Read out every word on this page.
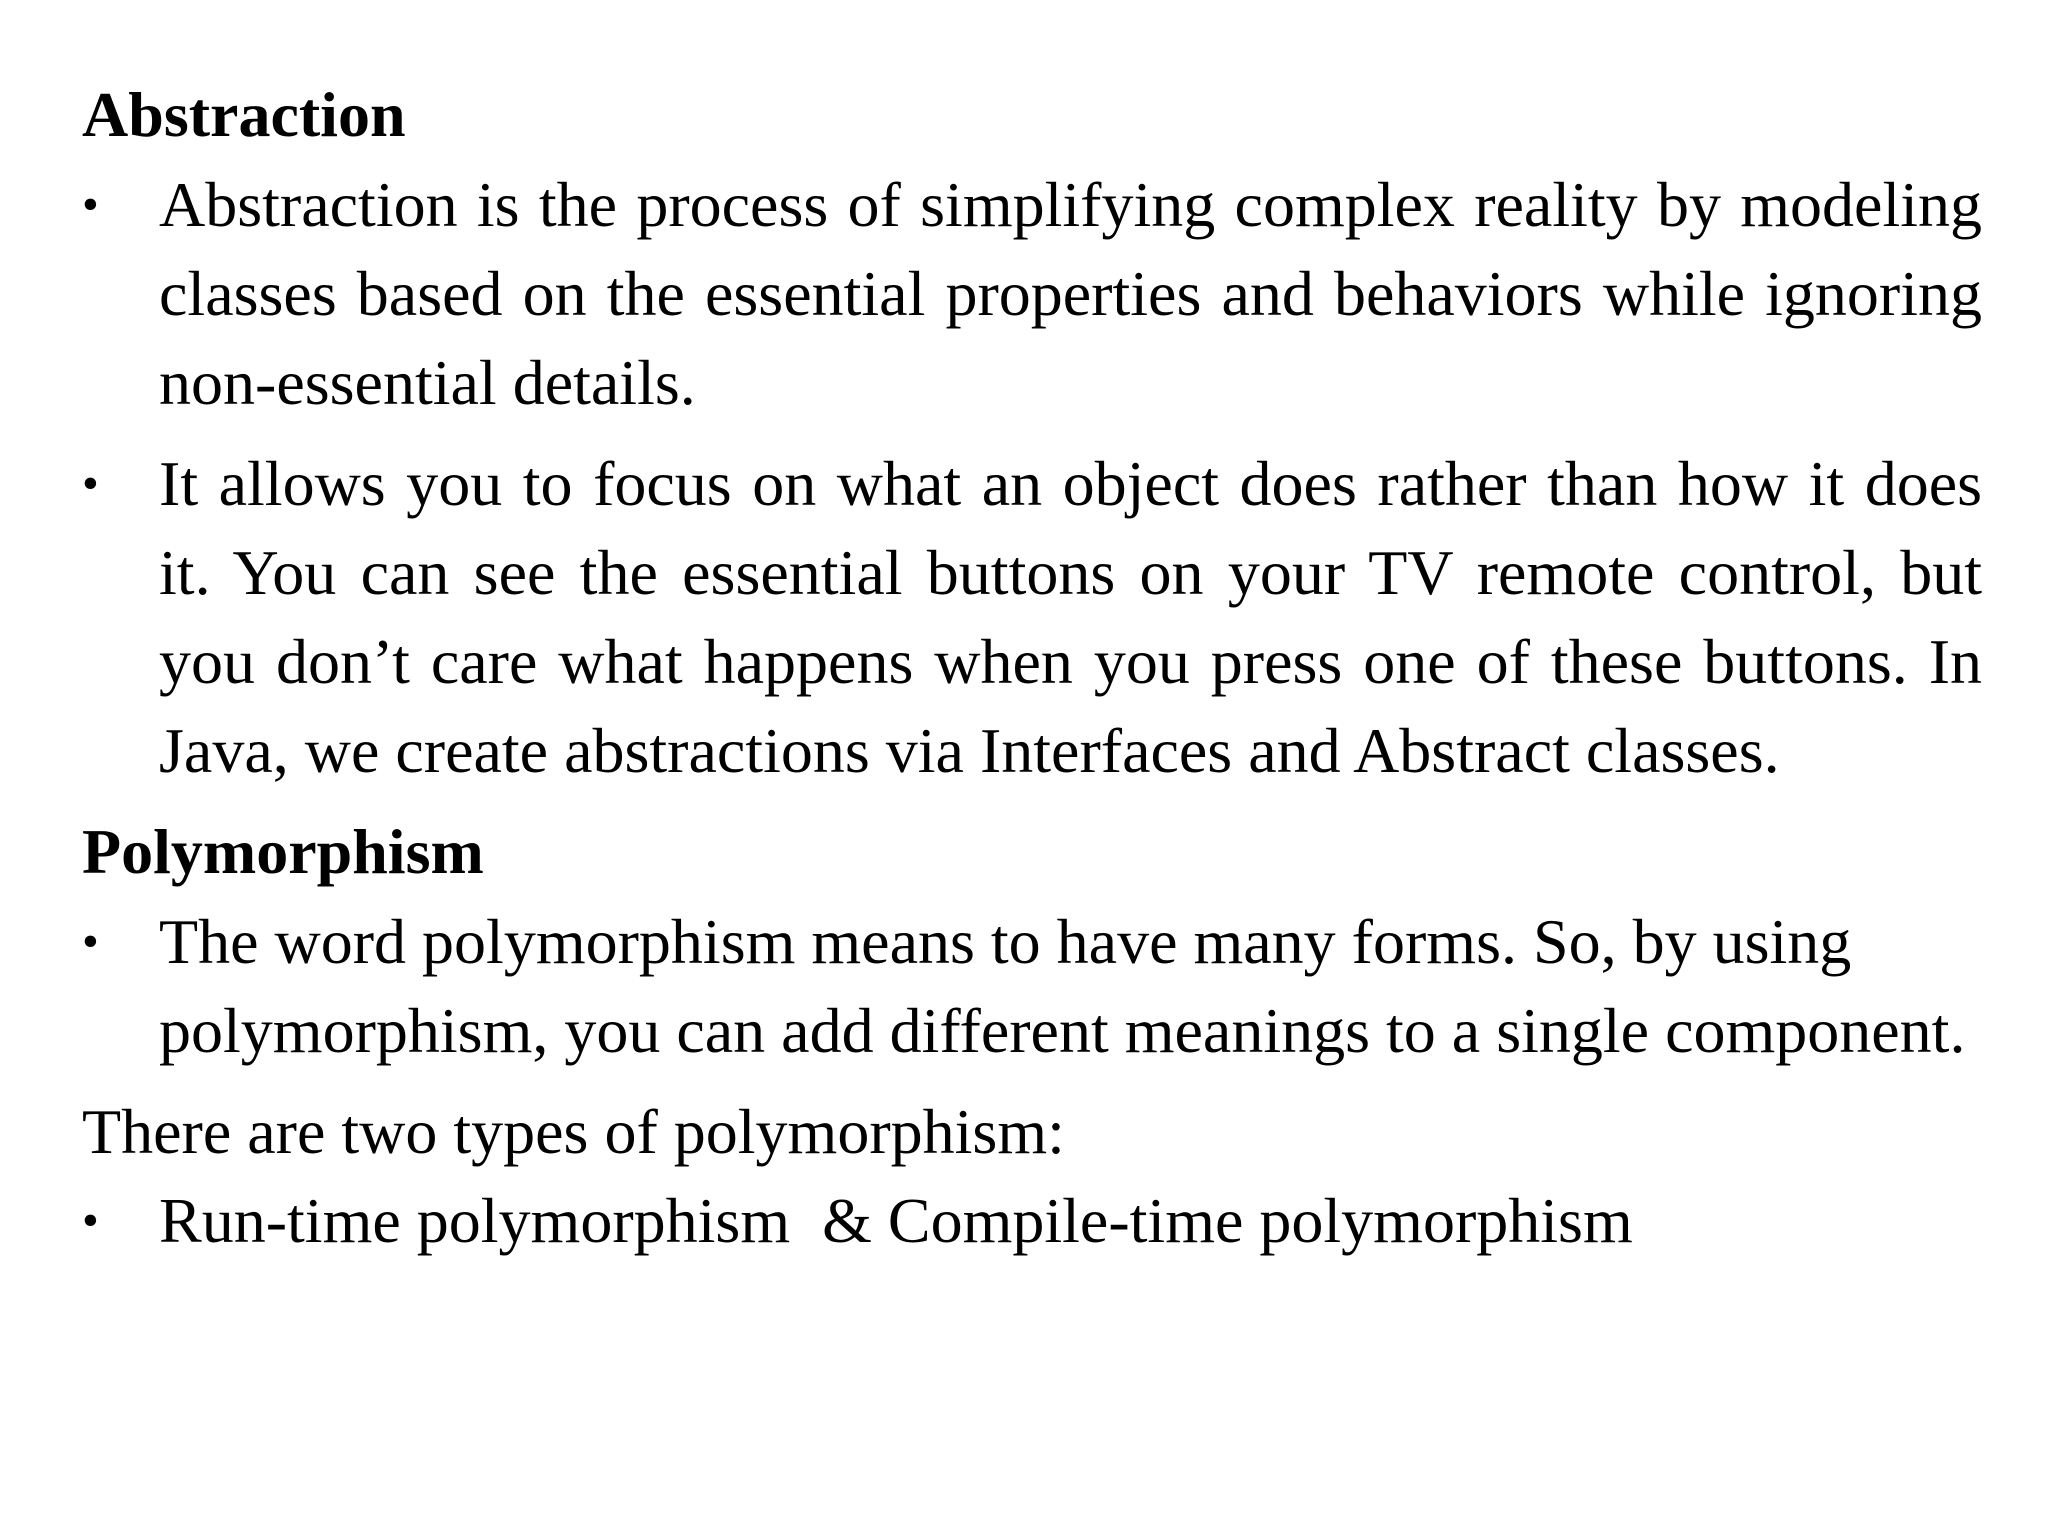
Abstraction
• Abstraction is the process of simplifying complex reality by modeling classes based on the essential properties and behaviors while ignoring non-essential details.
• It allows you to focus on what an object does rather than how it does it. You can see the essential buttons on your TV remote control, but you don’t care what happens when you press one of these buttons. In Java, we create abstractions via Interfaces and Abstract classes.
Polymorphism
• The word polymorphism means to have many forms. So, by using polymorphism, you can add different meanings to a single component.

There are two types of polymorphism:

• Run-time polymorphism  & Compile-time polymorphism
